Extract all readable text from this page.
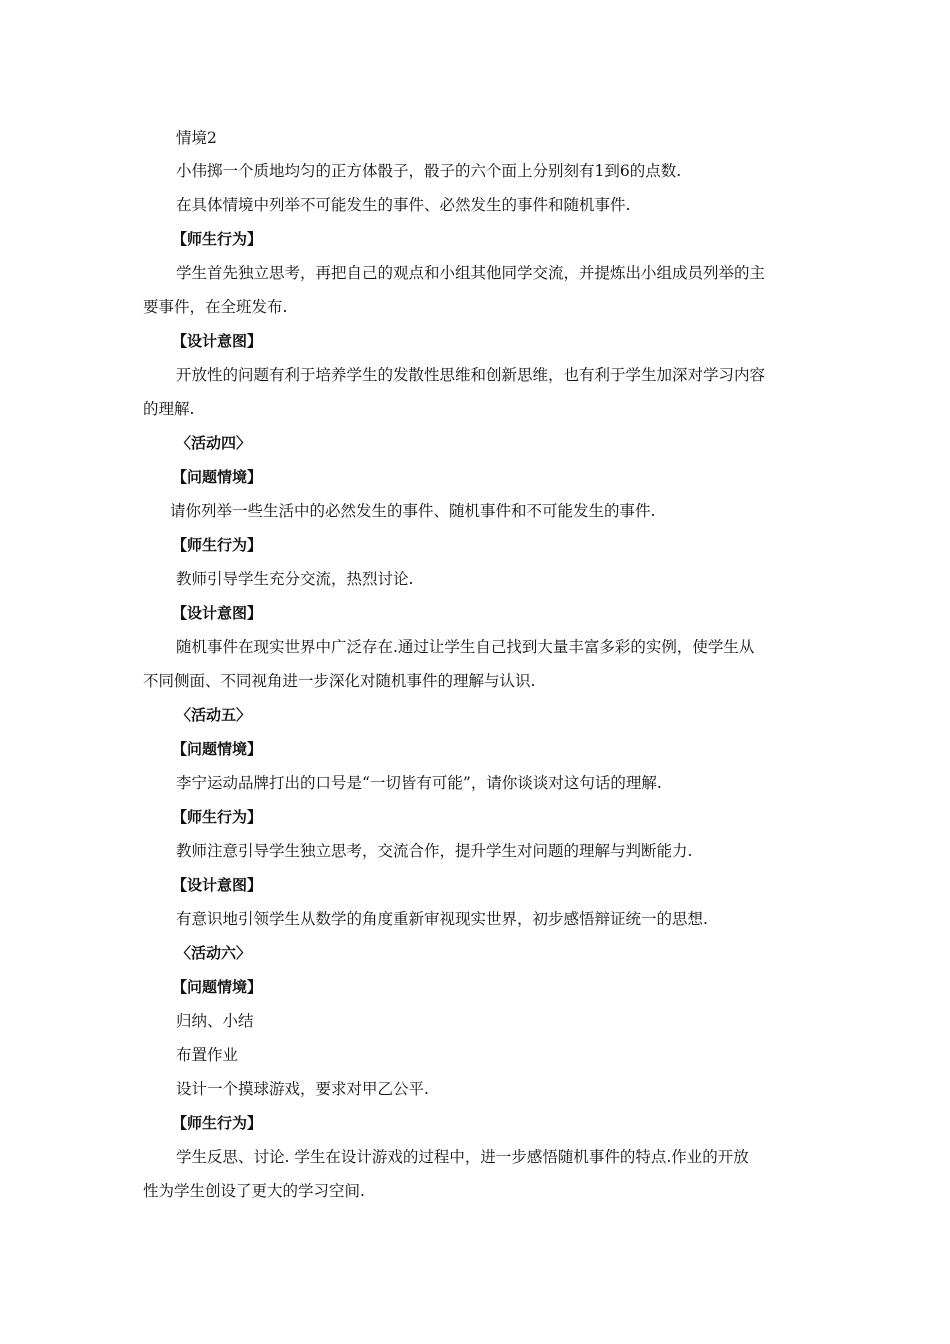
情境2
小伟掷一个质地均匀的正方体骰子，骰子的六个面上分别刻有1到6的点数.
在具体情境中列举不可能发生的事件、必然发生的事件和随机事件.
【师生行为】
学生首先独立思考，再把自己的观点和小组其他同学交流，并提炼出小组成员列举的主
要事件，在全班发布.
【设计意图】
开放性的问题有利于培养学生的发散性思维和创新思维，也有利于学生加深对学习内容
的理解.
〈活动四〉
【问题情境】
请你列举一些生活中的必然发生的事件、随机事件和不可能发生的事件.
【师生行为】
教师引导学生充分交流，热烈讨论.
【设计意图】
随机事件在现实世界中广泛存在.通过让学生自己找到大量丰富多彩的实例，使学生从
不同侧面、不同视角进一步深化对随机事件的理解与认识.
〈活动五〉
【问题情境】
李宁运动品牌打出的口号是“一切皆有可能”，请你谈谈对这句话的理解.
【师生行为】
教师注意引导学生独立思考，交流合作，提升学生对问题的理解与判断能力.
【设计意图】
有意识地引领学生从数学的角度重新审视现实世界，初步感悟辩证统一的思想.
〈活动六〉
【问题情境】
归纳、小结
布置作业
设计一个摸球游戏，要求对甲乙公平.
【师生行为】
学生反思、讨论. 学生在设计游戏的过程中，进一步感悟随机事件的特点.作业的开放
性为学生创设了更大的学习空间.
